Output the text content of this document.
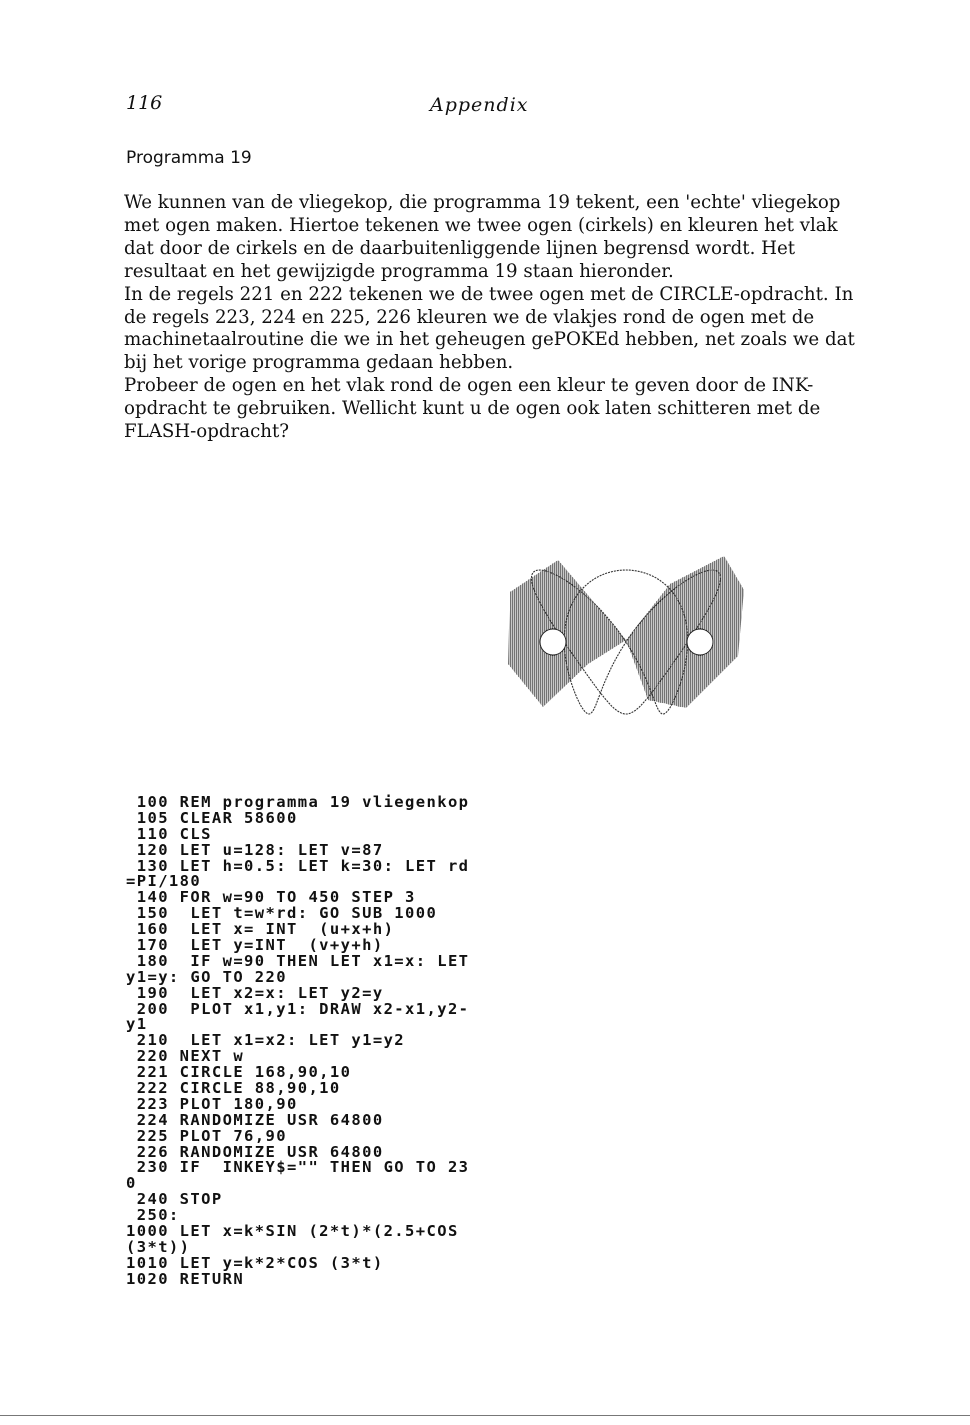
116	Appendix
Programma 19

We kunnen van de vliegekop, die programma 19 tekent, een 'echte' vliegekop met ogen maken. Hiertoe tekenen we twee ogen (cirkels) en kleuren het vlak dat door de cirkels en de daarbuitenliggende lijnen begrensd wordt. Het resultaat en het gewijzigde programma 19 staan hieronder.

In de regels 221 en 222 tekenen we de twee ogen met de CIRCLE-opdracht. In de regels 223, 224 en 225, 226 kleuren we de vlakjes rond de ogen met de machinetaalroutine die we in het geheugen gePOKEd hebben, net zoals we dat bij het vorige programma gedaan hebben.

Probeer de ogen en het vlak rond de ogen een kleur te geven door de INK-opdracht te gebruiken. Wellicht kunt u de ogen ook laten schitteren met de FLASH-opdracht?

100 REM programma 19 vliegenkop
105 CLEAR 58600
110 CLS
120 LET u=128: LET v=87
130 LET h=0.5: LET k=30: LET rd
=PI/180
140 FOR w=90 TO 450 STEP 3
150  LET t=w*rd: GO SUB 1000
160  LET x= INT  (u+x+h)
170  LET y=INT  (v+y+h)
180  IF w=90 THEN LET x1=x: LET
y1=y: GO TO 220
190  LET x2=x: LET y2=y
200  PLOT x1,y1: DRAW x2-x1,y2-
y1
210  LET x1=x2: LET y1=y2
220 NEXT w
221 CIRCLE 168,90,10
222 CIRCLE 88,90,10
223 PLOT 180,90
224 RANDOMIZE USR 64800
225 PLOT 76,90
226 RANDOMIZE USR 64800
230 IF  INKEY$="" THEN GO TO 23
0
240 STOP
250:
1000 LET x=k*SIN (2*t)*(2.5+COS
(3*t))
1010 LET y=k*2*COS (3*t)
1020 RETURN
